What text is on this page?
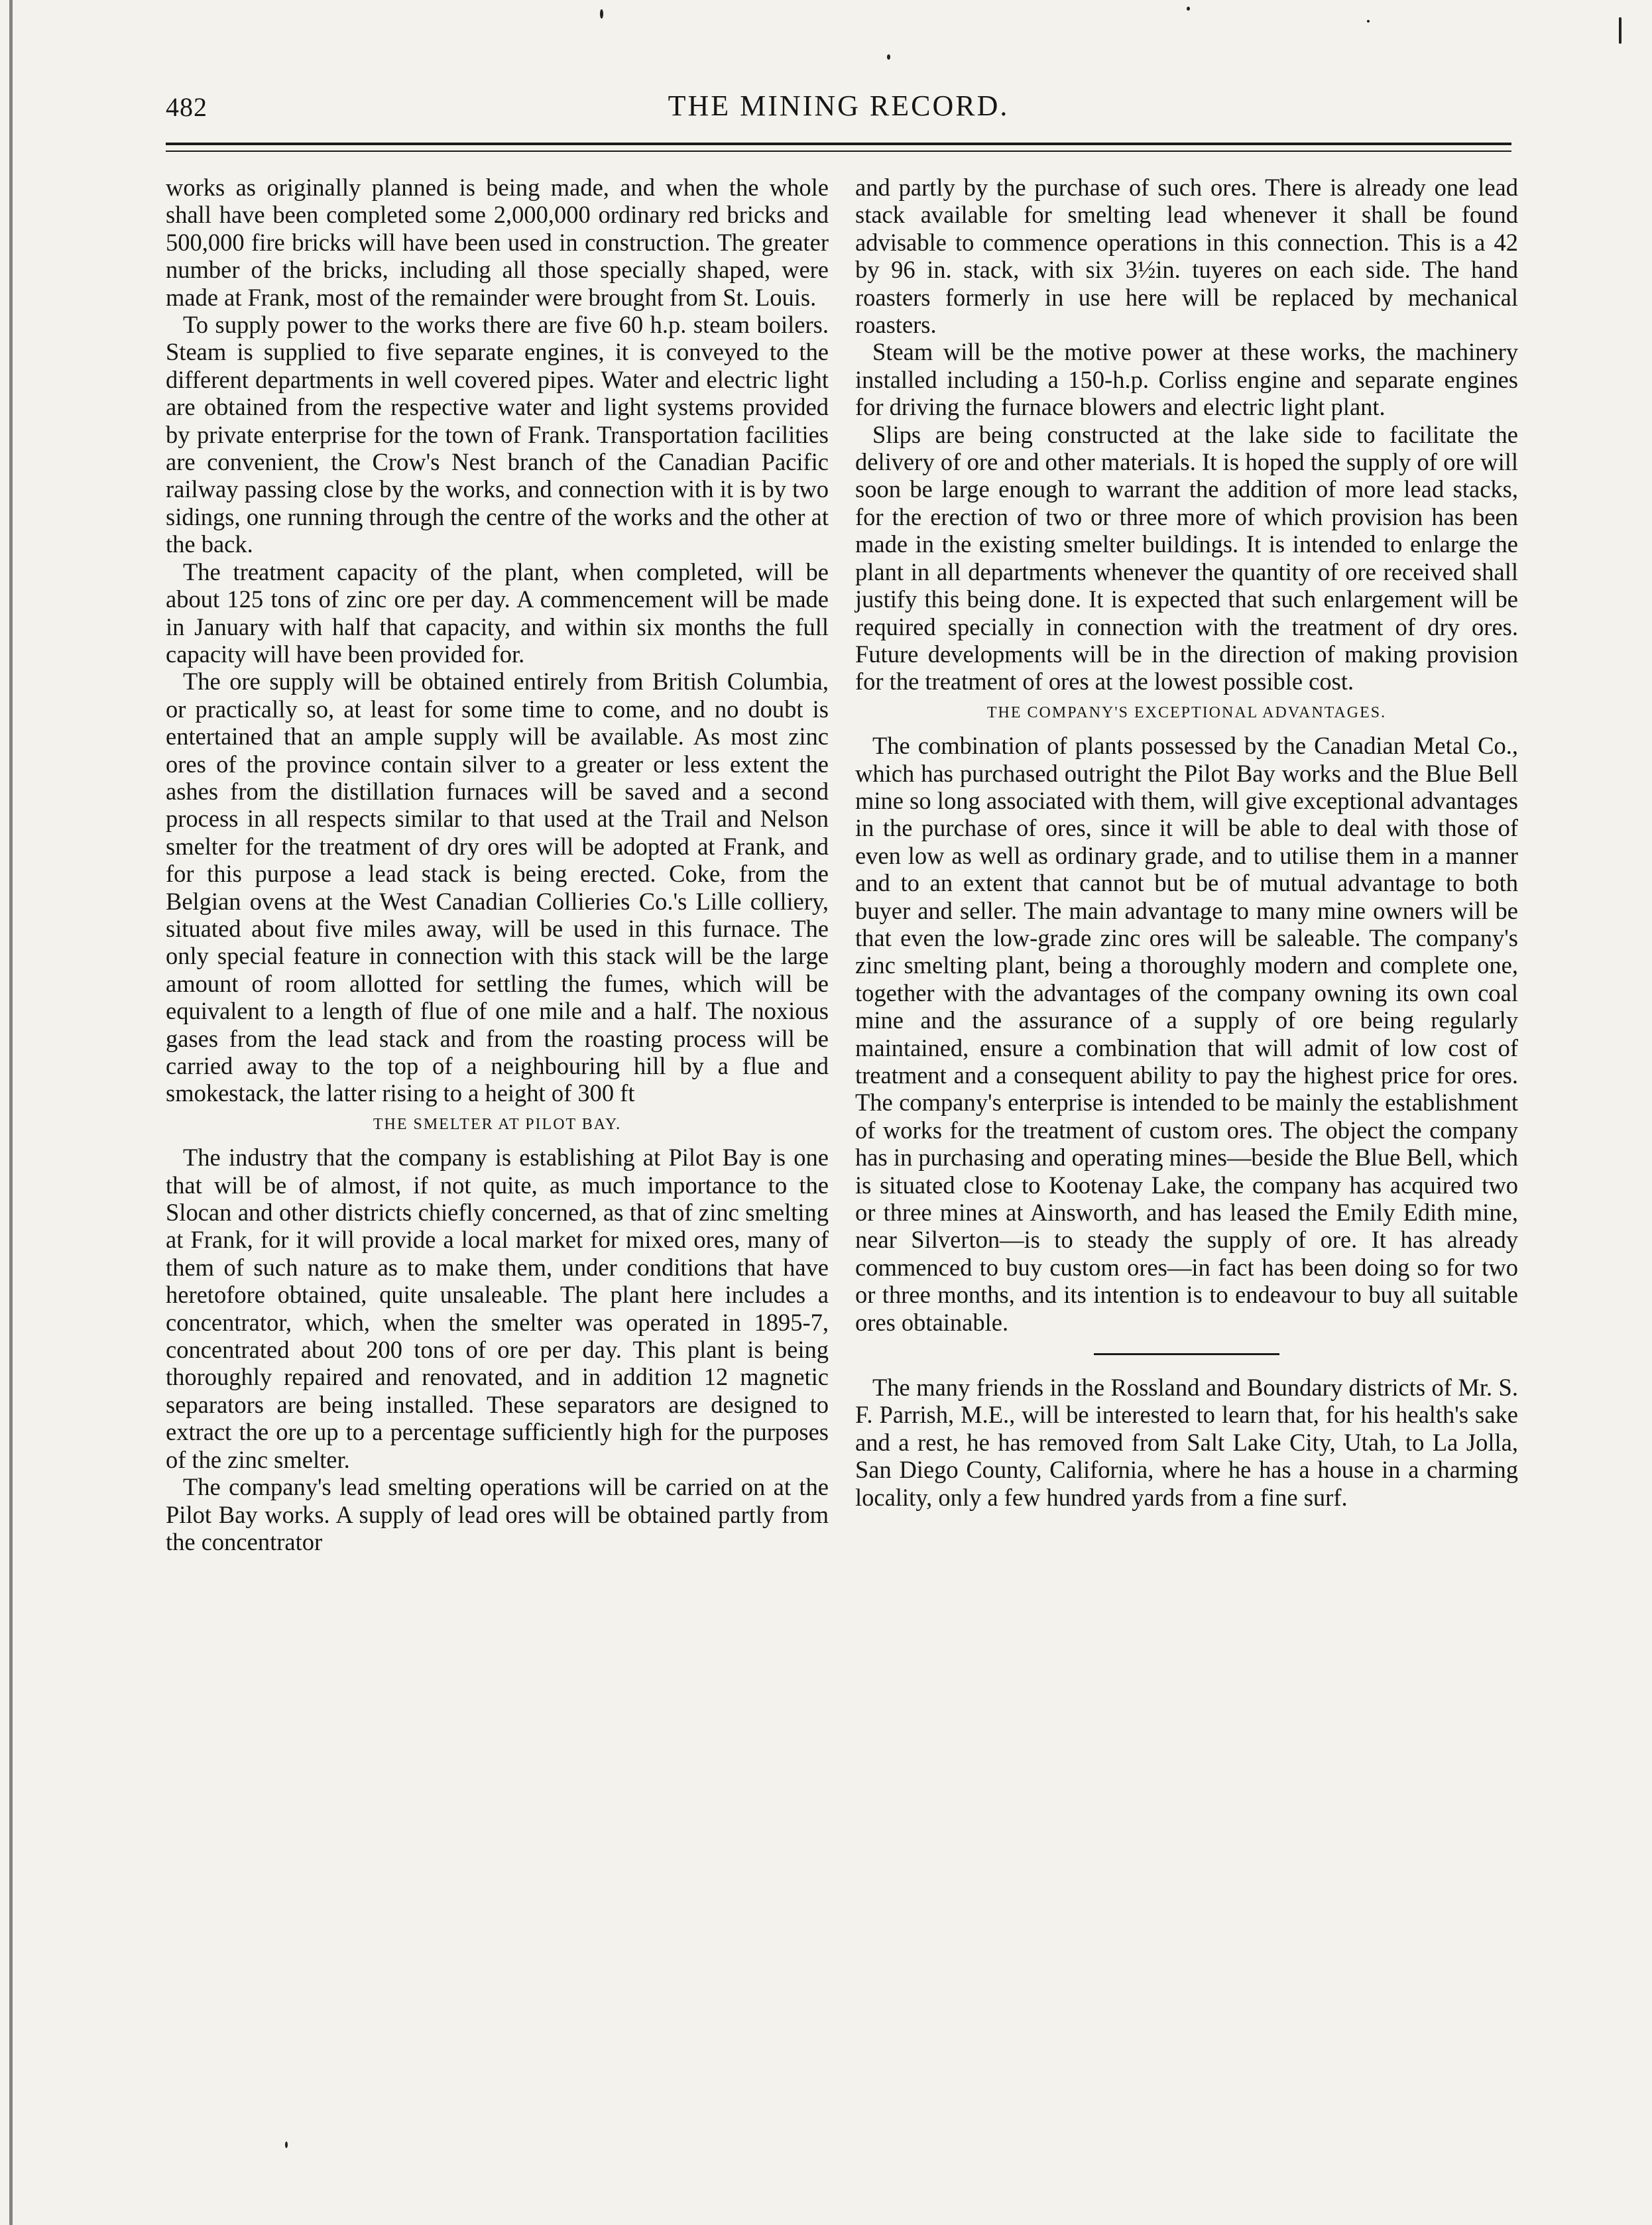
482	THE MINING RECORD.

works as originally planned is being made, and when the whole shall have been completed some 2,000,000 ordinary red bricks and 500,000 fire bricks will have been used in construction. The greater number of the bricks, including all those specially shaped, were made at Frank, most of the remainder were brought from St. Louis.

To supply power to the works there are five 60 h.p. steam boilers. Steam is supplied to five separate engines, it is conveyed to the different departments in well covered pipes. Water and electric light are obtained from the respective water and light systems provided by private enterprise for the town of Frank. Transportation facilities are convenient, the Crow's Nest branch of the Canadian Pacific railway passing close by the works, and connection with it is by two sidings, one running through the centre of the works and the other at the back.

The treatment capacity of the plant, when completed, will be about 125 tons of zinc ore per day. A commencement will be made in January with half that capacity, and within six months the full capacity will have been provided for.

The ore supply will be obtained entirely from British Columbia, or practically so, at least for some time to come, and no doubt is entertained that an ample supply will be available. As most zinc ores of the province contain silver to a greater or less extent the ashes from the distillation furnaces will be saved and a second process in all respects similar to that used at the Trail and Nelson smelter for the treatment of dry ores will be adopted at Frank, and for this purpose a lead stack is being erected. Coke, from the Belgian ovens at the West Canadian Collieries Co.'s Lille colliery, situated about five miles away, will be used in this furnace. The only special feature in connection with this stack will be the large amount of room allotted for settling the fumes, which will be equivalent to a length of flue of one mile and a half. The noxious gases from the lead stack and from the roasting process will be carried away to the top of a neighbouring hill by a flue and smokestack, the latter rising to a height of 300 ft

THE SMELTER AT PILOT BAY.

The industry that the company is establishing at Pilot Bay is one that will be of almost, if not quite, as much importance to the Slocan and other districts chiefly concerned, as that of zinc smelting at Frank, for it will provide a local market for mixed ores, many of them of such nature as to make them, under conditions that have heretofore obtained, quite unsaleable. The plant here includes a concentrator, which, when the smelter was operated in 1895-7, concentrated about 200 tons of ore per day. This plant is being thoroughly repaired and renovated, and in addition 12 magnetic separators are being installed. These separators are designed to extract the ore up to a percentage sufficiently high for the purposes of the zinc smelter.

The company's lead smelting operations will be carried on at the Pilot Bay works. A supply of lead ores will be obtained partly from the concentrator

and partly by the purchase of such ores. There is already one lead stack available for smelting lead whenever it shall be found advisable to commence operations in this connection. This is a 42 by 96 in. stack, with six 3½in. tuyeres on each side. The hand roasters formerly in use here will be replaced by mechanical roasters.

Steam will be the motive power at these works, the machinery installed including a 150-h.p. Corliss engine and separate engines for driving the furnace blowers and electric light plant.

Slips are being constructed at the lake side to facilitate the delivery of ore and other materials. It is hoped the supply of ore will soon be large enough to warrant the addition of more lead stacks, for the erection of two or three more of which provision has been made in the existing smelter buildings. It is intended to enlarge the plant in all departments whenever the quantity of ore received shall justify this being done. It is expected that such enlargement will be required specially in connection with the treatment of dry ores. Future developments will be in the direction of making provision for the treatment of ores at the lowest possible cost.

THE COMPANY'S EXCEPTIONAL ADVANTAGES.

The combination of plants possessed by the Canadian Metal Co., which has purchased outright the Pilot Bay works and the Blue Bell mine so long associated with them, will give exceptional advantages in the purchase of ores, since it will be able to deal with those of even low as well as ordinary grade, and to utilise them in a manner and to an extent that cannot but be of mutual advantage to both buyer and seller. The main advantage to many mine owners will be that even the low-grade zinc ores will be saleable. The company's zinc smelting plant, being a thoroughly modern and complete one, together with the advantages of the company owning its own coal mine and the assurance of a supply of ore being regularly maintained, ensure a combination that will admit of low cost of treatment and a consequent ability to pay the highest price for ores. The company's enterprise is intended to be mainly the establishment of works for the treatment of custom ores. The object the company has in purchasing and operating mines—beside the Blue Bell, which is situated close to Kootenay Lake, the company has acquired two or three mines at Ainsworth, and has leased the Emily Edith mine, near Silverton—is to steady the supply of ore. It has already commenced to buy custom ores—in fact has been doing so for two or three months, and its intention is to endeavour to buy all suitable ores obtainable.

The many friends in the Rossland and Boundary districts of Mr. S. F. Parrish, M.E., will be interested to learn that, for his health's sake and a rest, he has removed from Salt Lake City, Utah, to La Jolla, San Diego County, California, where he has a house in a charming locality, only a few hundred yards from a fine surf.
